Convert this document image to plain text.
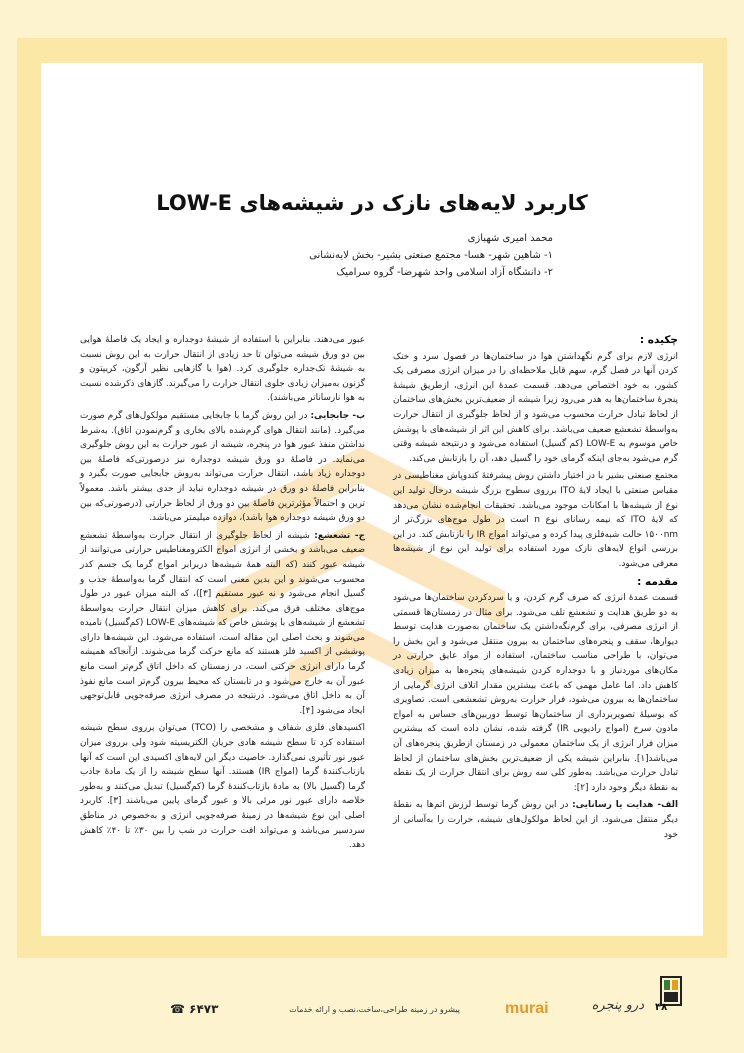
کاربرد لایه‌های نازک در شیشه‌های LOW-E
محمد امیری شهبازی
۱- شاهین شهر- هسا- مجتمع صنعتی بشیر- بخش لایه‌نشانی
۲- دانشگاه آزاد اسلامی واحد شهرضا- گروه سرامیک
چکیده :

انرژی لازم برای گرم نگهداشتن هوا در ساختمان‌ها در فصول سرد و خنک کردن آنها در فصل گرم، سهم قابل ملاحظه‌ای را در میزان انرژی مصرفی یک کشور، به خود اختصاص می‌دهد. قسمت عمدهٔ این انرژی، ازطریق شیشهٔ پنجرهٔ ساختمان‌ها به هدر می‌رود زیرا شیشه از ضعیف‌ترین بخش‌های ساختمان از لحاظ تبادل حرارت محسوب می‌شود و از لحاظ جلوگیری از انتقال حرارت به‌واسطهٔ تشعشع ضعیف می‌باشد. برای کاهش این اثر از شیشه‌های با پوشش خاص موسوم به LOW-E (کم گسیل) استفاده می‌شود و درنتیجه شیشه وقتی گرم می‌شود به‌جای اینکه گرمای خود را گسیل دهد، آن را بازتابش می‌کند.

مجتمع صنعتی بشیر با در اختیار داشتن روش پیشرفتهٔ کندوپاش مغناطیسی در مقیاس صنعتی با ایجاد لایهٔ ITO برروی سطوح بزرگ شیشه درحال تولید این نوع از شیشه‌ها با امکانات موجود می‌باشد. تحقیقات انجام‌شده نشان می‌دهد که لایهٔ ITO که نیمه رسانای نوع n است در طول موج‌های بزرگ‌تر از ۱۵۰۰nm حالت شبه‌فلزی پیدا کرده و می‌تواند امواج IR را بازتابش کند. در این بررسی انواع لایه‌های نازک مورد استفاده برای تولید این نوع از شیشه‌ها معرفی می‌شود.

مقدمه :

قسمت عمدهٔ انرژی که صرف گرم کردن، و یا سردکردن ساختمان‌ها می‌شود به دو طریق هدایت و تشعشع تلف می‌شود. برای مثال در زمستان‌ها قسمتی از انرژی مصرفی، برای گرم‌نگه‌داشتن یک ساختمان به‌صورت هدایت توسط دیوارها، سقف و پنجره‌های ساختمان به بیرون منتقل می‌شود و این بخش را می‌توان، با طراحی مناسب ساختمان، استفاده از مواد عایق حرارتی در مکان‌های موردنیاز و با دوجداره کردن شیشه‌های پنجره‌ها به میزان زیادی کاهش داد. اما عامل مهمی که باعث بیشترین مقدار اتلاف انرژی گرمایی از ساختمان‌ها به بیرون می‌شود، فرار حرارت به‌روش تشعشعی است. تصاویری که بوسیلهٔ تصویربرداری از ساختمان‌ها توسط دوربین‌های حساس به امواج مادون سرخ (امواج رادیویی IR) گرفته شده، نشان داده است که بیشترین میزان فرار انرژی از یک ساختمان معمولی در زمستان ازطریق پنجره‌های آن می‌باشد[۱]. بنابراین شیشه یکی از ضعیف‌ترین بخش‌های ساختمان از لحاظ تبادل حرارت می‌باشد. به‌طور کلی سه روش برای انتقال حرارت از یک نقطه به نقطهٔ دیگر وجود دارد [۲]:

الف- هدایت یا رسانایی: در این روش گرما توسط لرزش اتم‌ها به نقطهٔ دیگر منتقل می‌شود. از این لحاظ مولکول‌های شیشه، حرارت را به‌آسانی از خود

عبور می‌دهند. بنابراین با استفاده از شیشهٔ دوجداره و ایجاد یک فاصلهٔ هوایی بین دو ورق شیشه می‌توان تا حد زیادی از انتقال حرارت به این روش نسبت به شیشهٔ تک‌جداره جلوگیری کرد. (هوا یا گازهایی نظیر آرگون، کریپتون و گزنون به‌میزان زیادی جلوی انتقال حرارت را می‌گیرند. گازهای ذکرشده نسبت به هوا نارساناتر می‌باشند).

ب- جابجایی: در این روش گرما با جابجایی مستقیم مولکول‌های گرم صورت می‌گیرد. (مانند انتقال هوای گرم‌شده بالای بخاری و گرم‌نمودن اتاق). به‌شرط نداشتن منفذ عبور هوا در پنجره، شیشه از عبور حرارت به این روش جلوگیری می‌نماید. در فاصلهٔ دو ورق شیشه دوجداره نیز درصورتی‌که فاصلهٔ بین دوجداره زیاد باشد، انتقال حرارت می‌تواند به‌روش جابجایی صورت بگیرد و بنابراین فاصلهٔ دو ورق در شیشه دوجداره نباید از حدی بیشتر باشد. معمولاً ترین و احتمالاً مؤثرترین فاصلهٔ بین دو ورق از لحاظ حرارتی (درصورتی‌که بین دو ورق شیشه دوجداره هوا باشد)، دوازده میلیمتر می‌باشد.

ج- تشعشع: شیشه از لحاظ جلوگیری از انتقال حرارت به‌واسطهٔ تشعشع ضعیف می‌باشد و بخشی از انرژی امواج الکترومغناطیس حرارتی می‌توانند از شیشه عبور کنند (که البته همهٔ شیشه‌ها دربرابر امواج گرما یک جسم کدر محسوب می‌شوند و این بدین معنی است که انتقال گرما به‌واسطهٔ جذب و گسیل انجام می‌شود و نه عبور مستقیم [۳])، که البته میزان عبور در طول موج‌های مختلف فرق می‌کند. برای کاهش میزان انتقال حرارت به‌واسطهٔ تشعشع از شیشه‌های با پوشش خاص که شیشه‌های LOW-E (کم‌گسیل) نامیده می‌شوند و بحث اصلی این مقاله است، استفاده می‌شود. این شیشه‌ها دارای پوششی از اکسید فلز هستند که مانع حرکت گرما می‌شوند. ازآنجاکه همیشه گرما دارای انرژی حرکتی است، در زمستان که داخل اتاق گرم‌تر است مانع عبور آن به خارج می‌شود و در تابستان که محیط بیرون گرم‌تر است مانع نفوذ آن به داخل اتاق می‌شود. درنتیجه در مصرف انرژی صرفه‌جویی قابل‌توجهی ایجاد می‌شود [۴].

اکسیدهای فلزی شفاف و مشخصی را (TCO) می‌توان برروی سطح شیشه استفاده کرد تا سطح شیشه هادی جریان الکتریسیته شود ولی برروی میزان عبور نور تأثیری نمی‌گذارد. خاصیت دیگر این لایه‌های اکسیدی این است که آنها بازتاب‌کنندهٔ گرما (امواج IR) هستند. آنها سطح شیشه را از یک مادهٔ جاذب گرما (گسیل بالا) به مادهٔ بازتاب‌کنندهٔ گرما (کم‌گسیل) تبدیل می‌کنند و به‌طور خلاصه دارای عبور نور مرئی بالا و عبور گرمای پایین می‌باشند [۳]. کاربرد اصلی این نوع شیشه‌ها در زمینهٔ صرفه‌جویی انرژی و به‌خصوص در مناطق سردسیر می‌باشد و می‌تواند افت حرارت در شب را بین ۳۰٪ تا ۴۰٪ کاهش دهد.

۴۸
درو پنجره
murai
پیشرو در زمینه طراحی،ساخت،نصب و ارائه خدمات
☎ ۶۴۷۳
